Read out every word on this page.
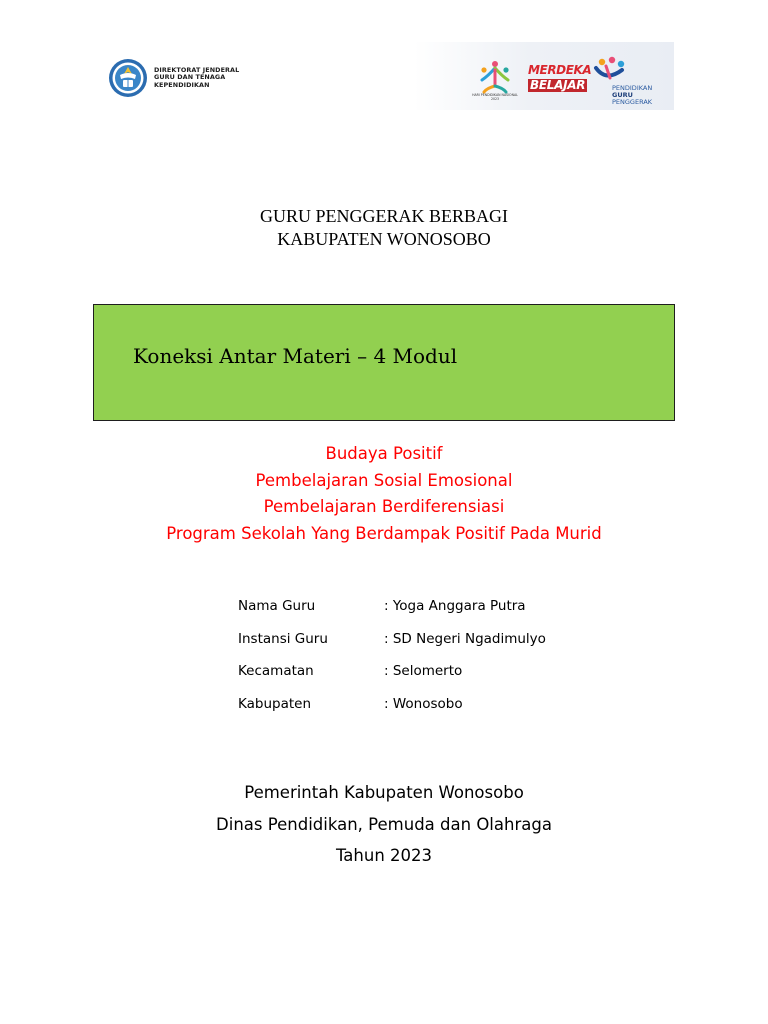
DIREKTORAT JENDERAL
GURU DAN TENAGA
KEPENDIDIKAN
HARI PENDIDIKAN NASIONAL
2023
MERDEKA
BELAJAR	PENDIDIKAN
GURU
PENGGERAK
GURU PENGGERAK BERBAGI
KABUPATEN WONOSOBO
Koneksi Antar Materi – 4 Modul
Budaya Positif
Pembelajaran Sosial Emosional
Pembelajaran Berdiferensiasi
Program Sekolah Yang Berdampak Positif Pada Murid
Nama Guru	: Yoga Anggara Putra
Instansi Guru	: SD Negeri Ngadimulyo
Kecamatan	: Selomerto
Kabupaten	: Wonosobo
Pemerintah Kabupaten Wonosobo
Dinas Pendidikan, Pemuda dan Olahraga
Tahun 2023
